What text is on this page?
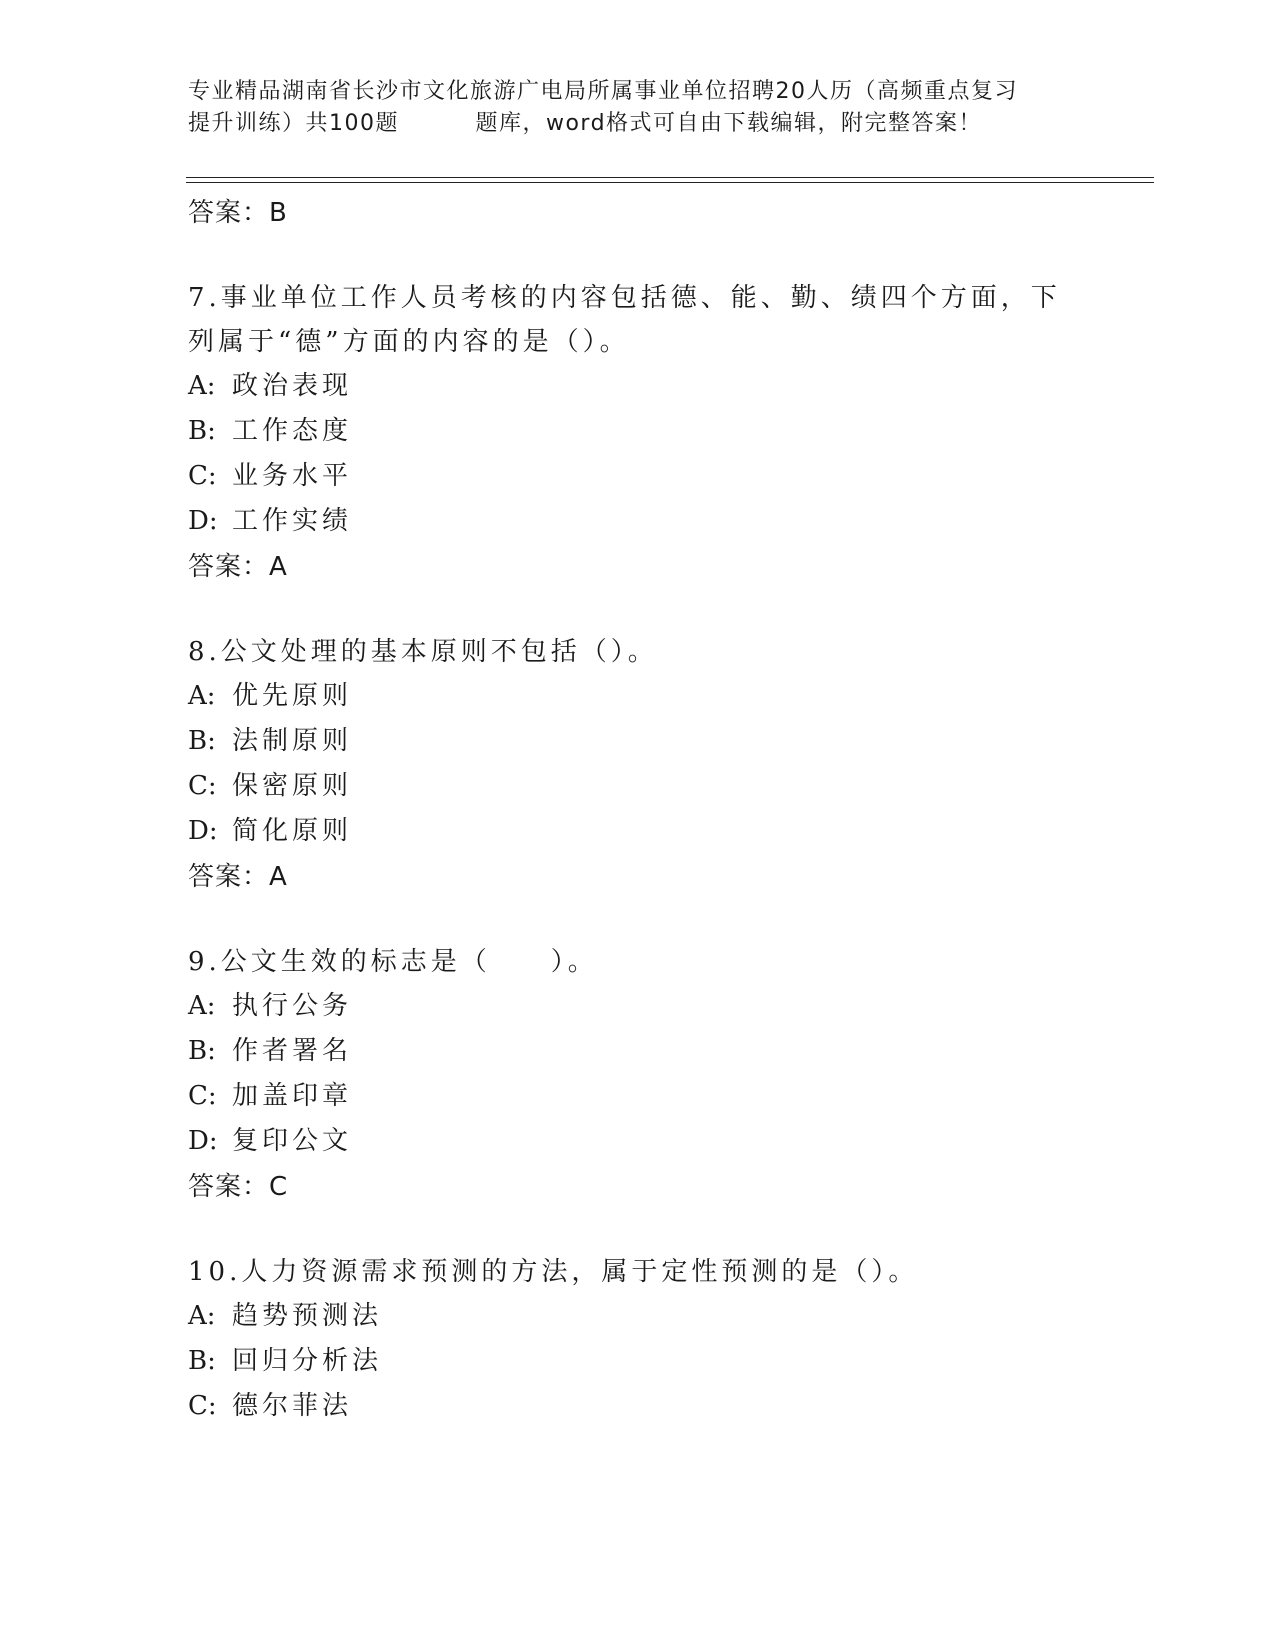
专业精品湖南省长沙市文化旅游广电局所属事业单位招聘20人历（高频重点复习

提升训练）共100题	题库，word格式可自由下载编辑，附完整答案！
答案：B
7.事业单位工作人员考核的内容包括德、能、勤、绩四个方面，下列属于“德”方面的内容的是（）。
A: 政治表现
B: 工作态度
C: 业务水平
D: 工作实绩
答案：A
8.公文处理的基本原则不包括（）。
A: 优先原则
B: 法制原则
C: 保密原则
D: 简化原则
答案：A
9.公文生效的标志是（　　）。
A: 执行公务
B: 作者署名
C: 加盖印章
D: 复印公文
答案：C
10.人力资源需求预测的方法，属于定性预测的是（）。
A: 趋势预测法
B: 回归分析法
C: 德尔菲法
